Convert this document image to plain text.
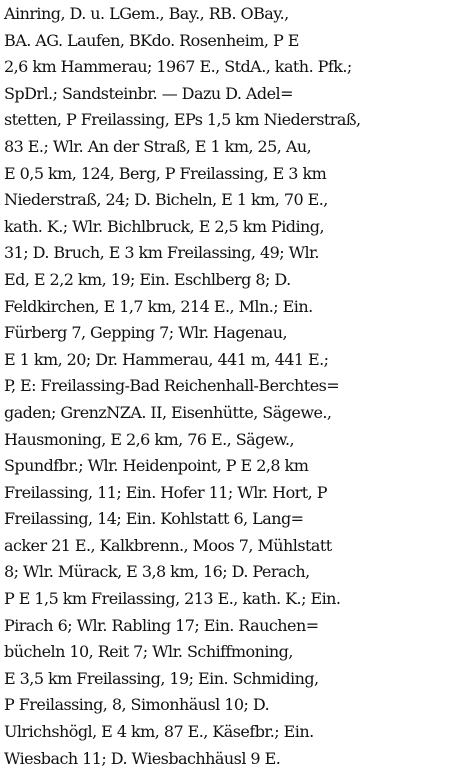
Ainring, D. u. LGem., Bay., RB. OBay.,
BA. AG. Laufen, BKdo. Rosenheim, P E
2,6 km Hammerau; 1967 E., StdA., kath. Pfk.;
SpDrl.; Sandsteinbr. — Dazu D. Adel=
stetten, P Freilassing, EPs 1,5 km Niederstraß,
83 E.; Wlr. An der Straß, E 1 km, 25, Au,
E 0,5 km, 124, Berg, P Freilassing, E 3 km
Niederstraß, 24; D. Bicheln, E 1 km, 70 E.,
kath. K.; Wlr. Bichlbruck, E 2,5 km Piding,
31; D. Bruch, E 3 km Freilassing, 49; Wlr.
Ed, E 2,2 km, 19; Ein. Eschlberg 8; D.
Feldkirchen, E 1,7 km, 214 E., Mln.; Ein.
Fürberg 7, Gepping 7; Wlr. Hagenau,
E 1 km, 20; Dr. Hammerau, 441 m, 441 E.;
P, E: Freilassing-Bad Reichenhall-Berchtes=
gaden; GrenzNZA. II, Eisenhütte, Sägewe.,
Hausmoning, E 2,6 km, 76 E., Sägew.,
Spundfbr.; Wlr. Heidenpoint, P E 2,8 km
Freilassing, 11; Ein. Hofer 11; Wlr. Hort, P
Freilassing, 14; Ein. Kohlstatt 6, Lang=
acker 21 E., Kalkbrenn., Moos 7, Mühlstatt
8; Wlr. Mürack, E 3,8 km, 16; D. Perach,
P E 1,5 km Freilassing, 213 E., kath. K.; Ein.
Pirach 6; Wlr. Rabling 17; Ein. Rauchen=
bücheln 10, Reit 7; Wlr. Schiffmoning,
E 3,5 km Freilassing, 19; Ein. Schmiding,
P Freilassing, 8, Simonhäusl 10; D.
Ulrichshögl, E 4 km, 87 E., Käsefbr.; Ein.
Wiesbach 11; D. Wiesbachhäusl 9 E.
